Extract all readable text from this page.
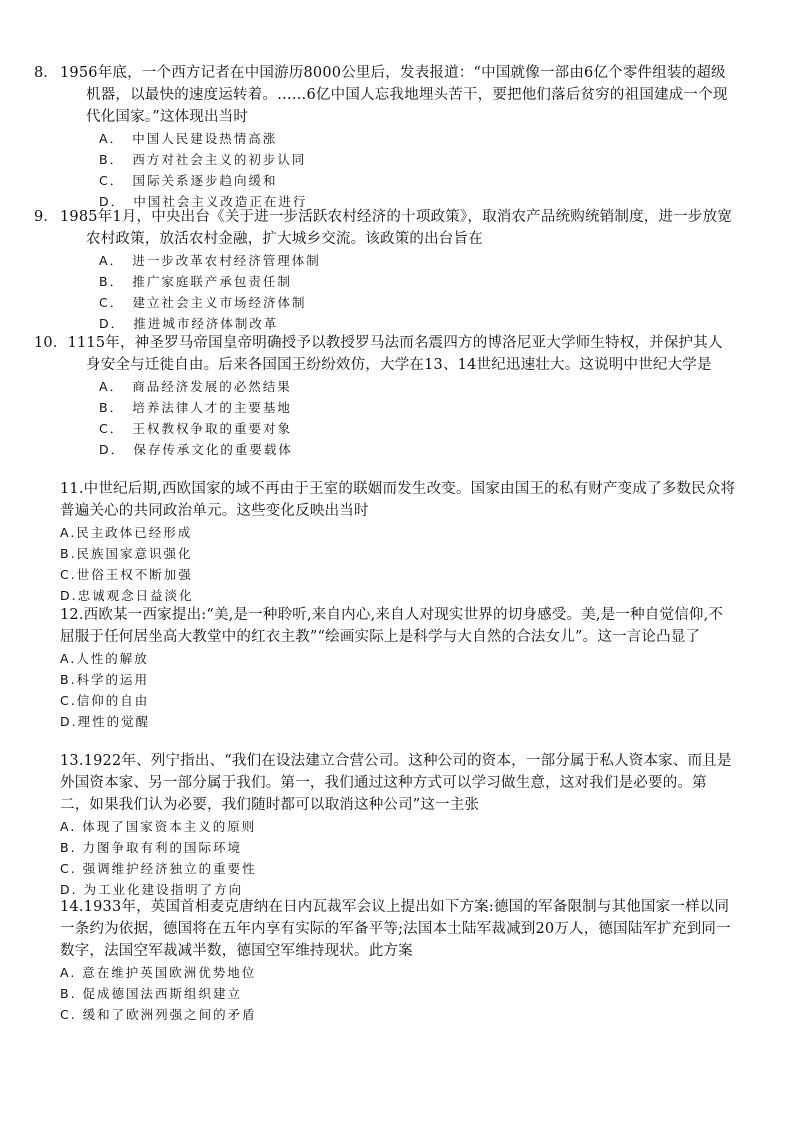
8． 1956年底，一个西方记者在中国游历8000公里后，发表报道：“中国就像一部由6亿个零件组装的超级机器，以最快的速度运转着。……6亿中国人忘我地埋头苦干，要把他们落后贫穷的祖国建成一个现代化国家。”这体现出当时

A．　中国人民建设热情高涨
B．　西方对社会主义的初步认同
C．　国际关系逐步趋向缓和
D．　中国社会主义改造正在进行

9． 1985年1月，中央出台《关于进一步活跃农村经济的十项政策》，取消农产品统购统销制度，进一步放宽农村政策，放活农村金融，扩大城乡交流。该政策的出台旨在

A．　进一步改革农村经济管理体制
B．　推广家庭联产承包责任制
C．　建立社会主义市场经济体制
D．　推进城市经济体制改革

10．1115年，神圣罗马帝国皇帝明确授予以教授罗马法而名震四方的博洛尼亚大学师生特权，并保护其人身安全与迁徙自由。后来各国国王纷纷效仿，大学在13、14世纪迅速壮大。这说明中世纪大学是

A．　商品经济发展的必然结果
B．　培养法律人才的主要基地
C．　王权教权争取的重要对象
D．　保存传承文化的重要载体

11.中世纪后期,西欧国家的域不再由于王室的联姻而发生改变。国家由国王的私有财产变成了多数民众将普遍关心的共同政治单元。这些变化反映出当时

A.民主政体已经形成
B.民族国家意识强化
C.世俗王权不断加强
D.忠诚观念日益淡化

12.西欧某一西家提出:“美,是一种聆听,来自内心,来自人对现实世界的切身感受。美,是一种自觉信仰,不屈服于任何居坐高大教堂中的红衣主教”“绘画实际上是科学与大自然的合法女儿”。这一言论凸显了

A.人性的解放
B.科学的运用
C.信仰的自由
D.理性的觉醒

13.1922年、列宁指出、“我们在设法建立合营公司。这种公司的资本，一部分属于私人资本家、而且是外国资本家、另一部分属于我们。第一，我们通过这种方式可以学习做生意，这对我们是必要的。第二，如果我们认为必要，我们随时都可以取消这种公司”这一主张

A. 体现了国家资本主义的原则
B. 力图争取有利的国际环境
C. 强调维护经济独立的重要性
D. 为工业化建设指明了方向

14.1933年，英国首相麦克唐纳在日内瓦裁军会议上提出如下方案:德国的军备限制与其他国家一样以同一条约为依据，德国将在五年内享有实际的军备平等;法国本土陆军裁减到20万人，德国陆军扩充到同一数字，法国空军裁减半数，德国空军维持现状。此方案

A. 意在维护英国欧洲优势地位
B. 促成德国法西斯组织建立
C. 缓和了欧洲列强之间的矛盾
